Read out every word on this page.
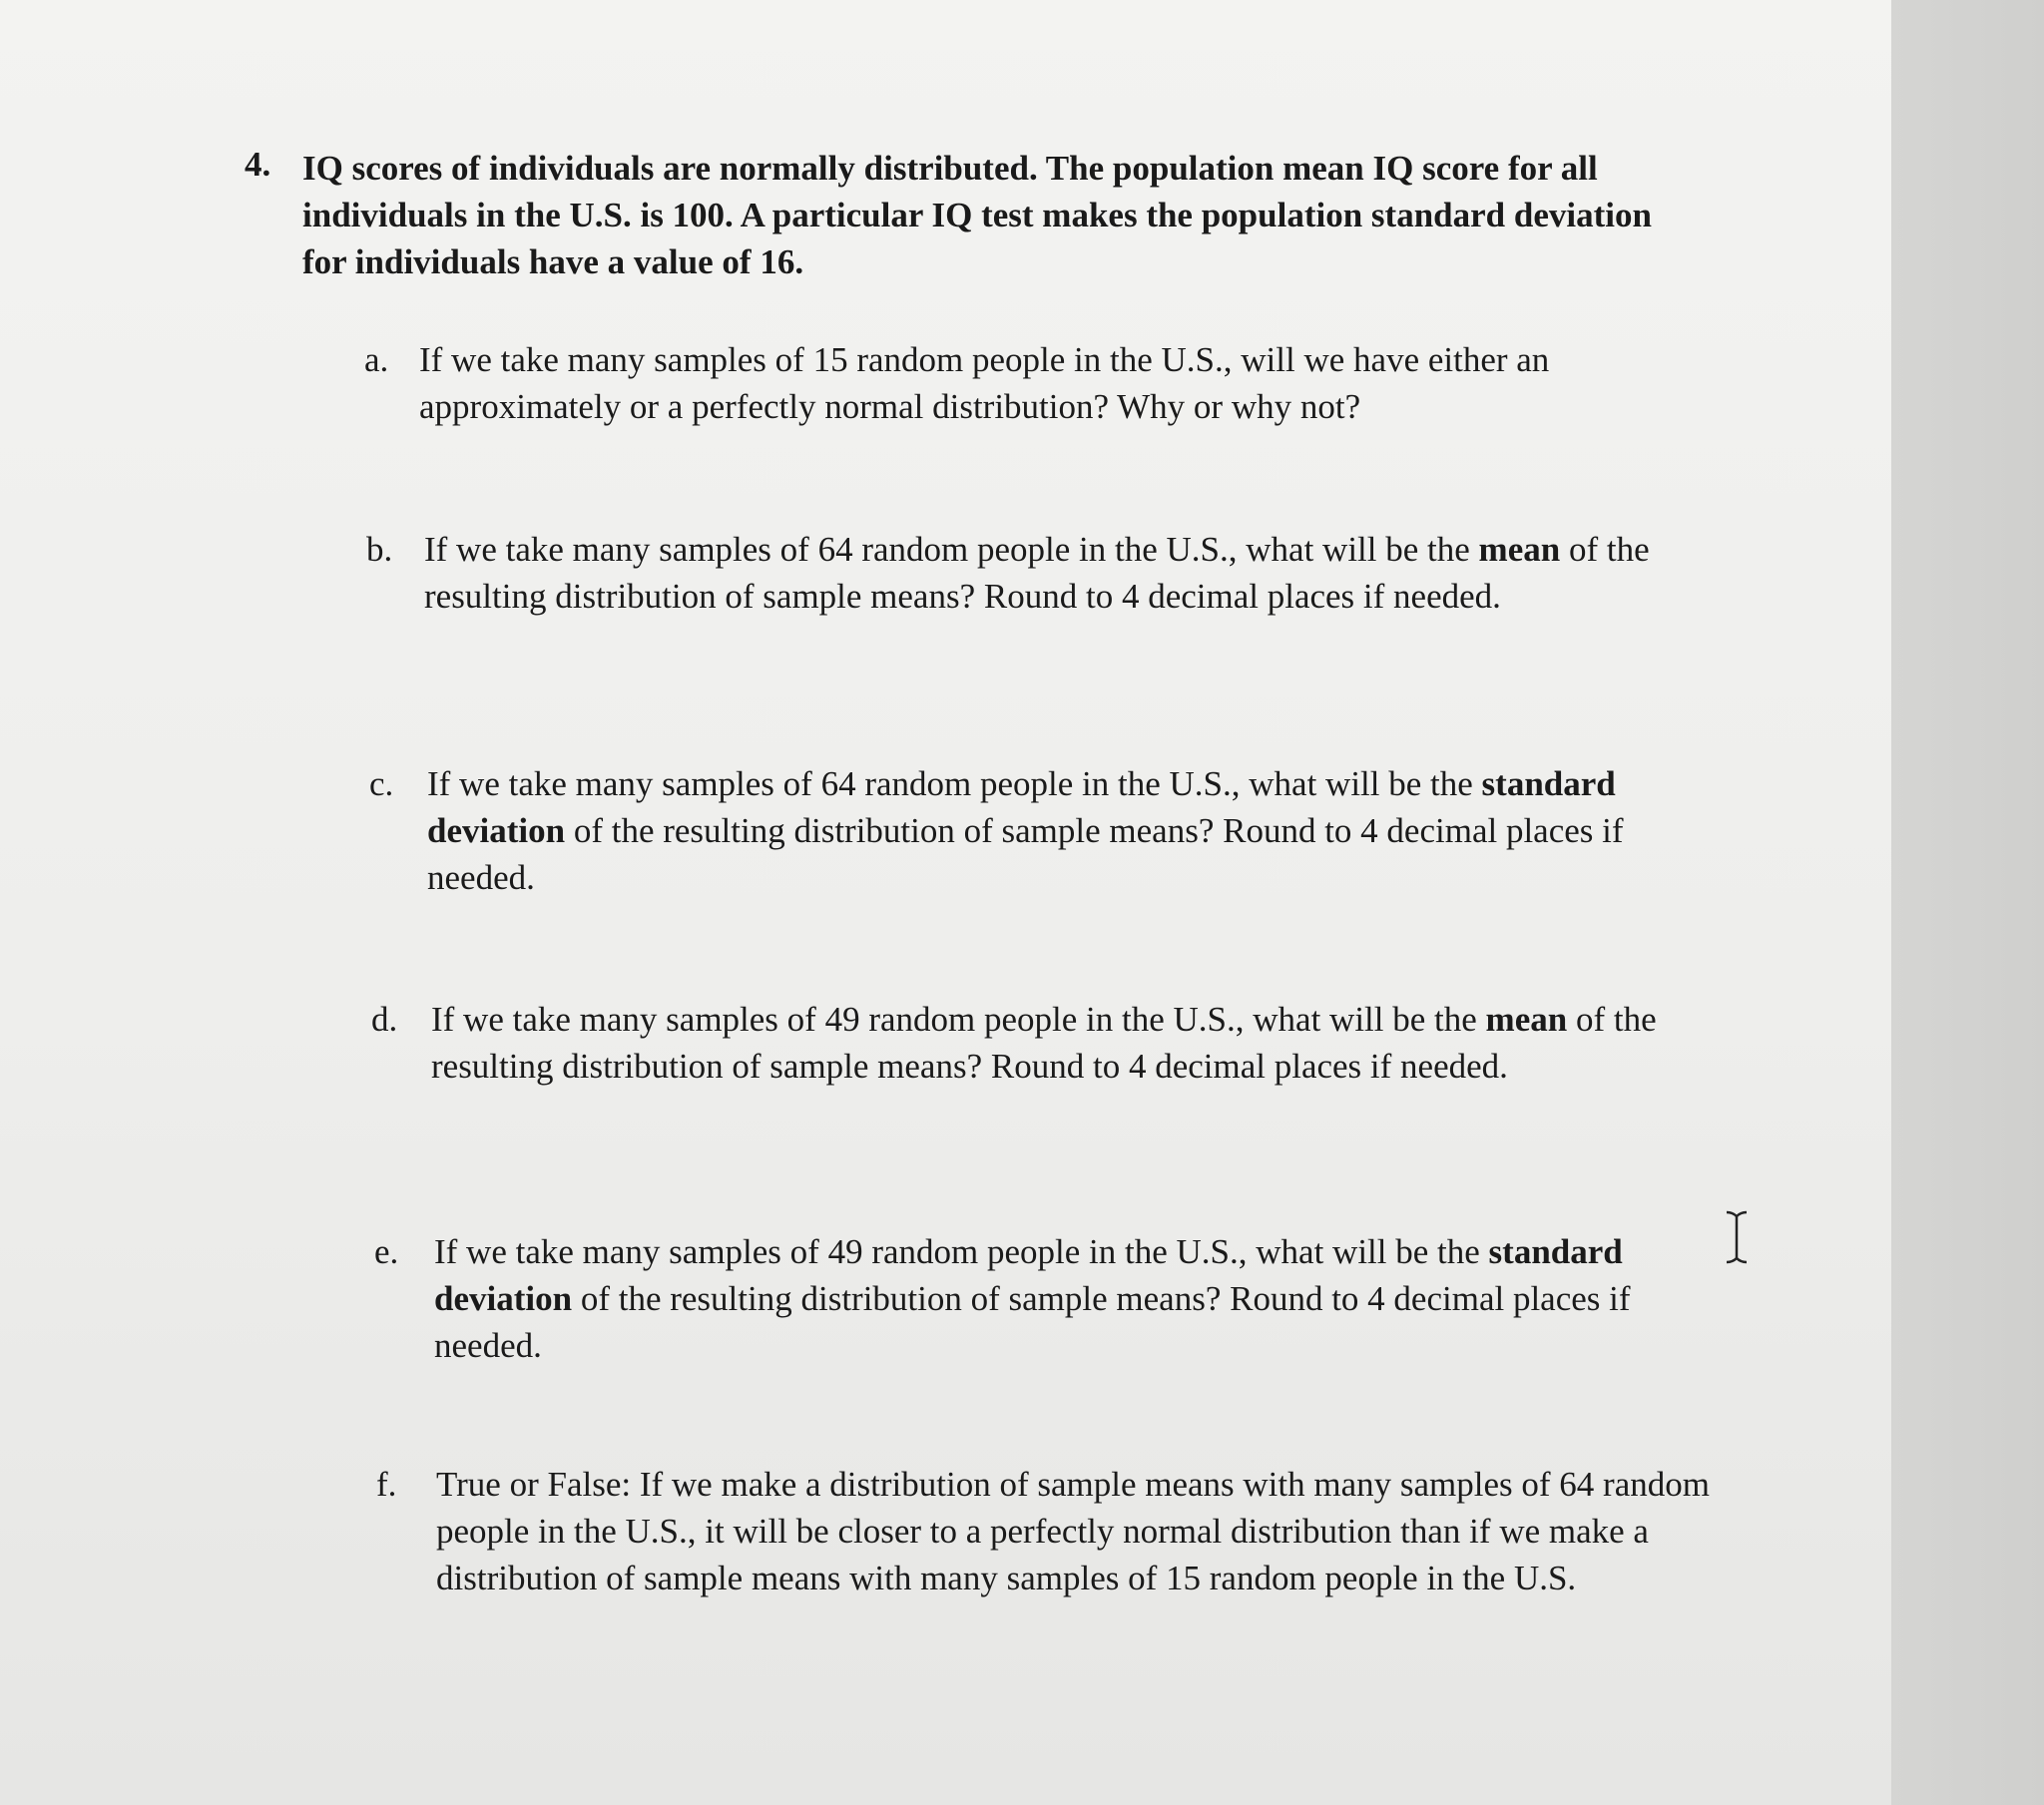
4. IQ scores of individuals are normally distributed. The population mean IQ score for all individuals in the U.S. is 100. A particular IQ test makes the population standard deviation for individuals have a value of 16.
a. If we take many samples of 15 random people in the U.S., will we have either an approximately or a perfectly normal distribution? Why or why not?
b. If we take many samples of 64 random people in the U.S., what will be the mean of the resulting distribution of sample means? Round to 4 decimal places if needed.
c. If we take many samples of 64 random people in the U.S., what will be the standard deviation of the resulting distribution of sample means? Round to 4 decimal places if needed.
d. If we take many samples of 49 random people in the U.S., what will be the mean of the resulting distribution of sample means? Round to 4 decimal places if needed.
e. If we take many samples of 49 random people in the U.S., what will be the standard deviation of the resulting distribution of sample means? Round to 4 decimal places if needed.
f. True or False: If we make a distribution of sample means with many samples of 64 random people in the U.S., it will be closer to a perfectly normal distribution than if we make a distribution of sample means with many samples of 15 random people in the U.S.
